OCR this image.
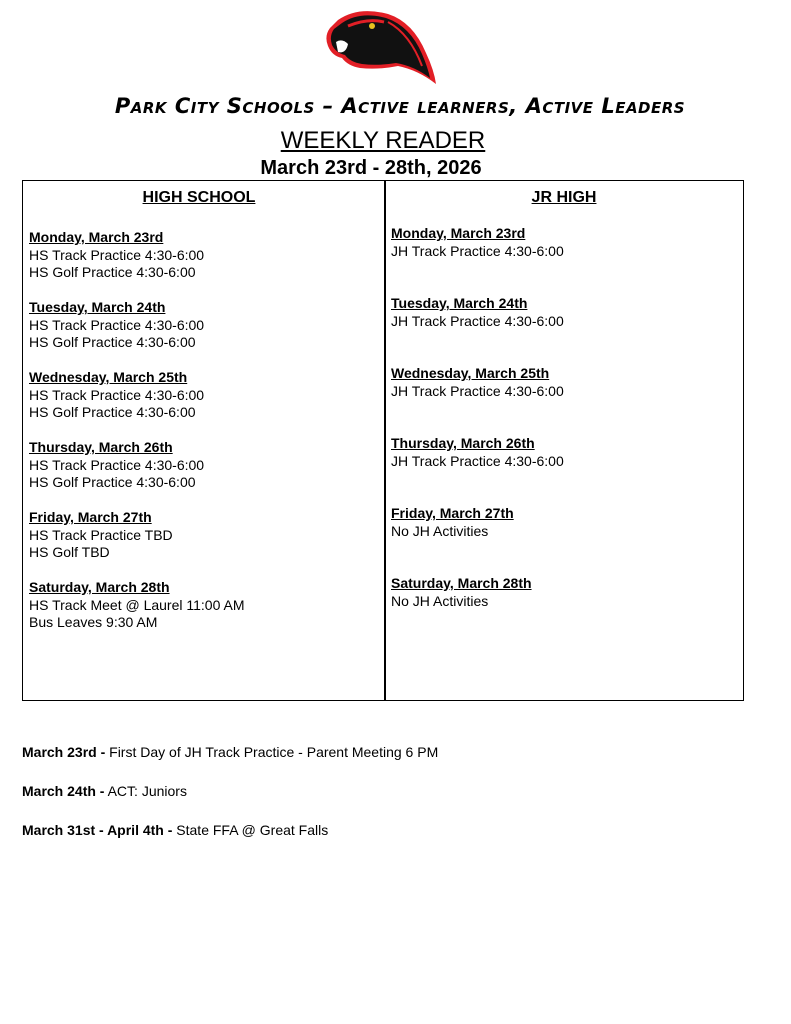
Park City Schools – Active learners, Active Leaders
WEEKLY READER
March 23rd - 28th, 2026
HIGH SCHOOL	JR HIGH
Monday, March 23rd
HS Track Practice 4:30-6:00
HS Golf Practice 4:30-6:00
Tuesday, March 24th
HS Track Practice 4:30-6:00
HS Golf Practice 4:30-6:00
Wednesday, March 25th
HS Track Practice 4:30-6:00
HS Golf Practice 4:30-6:00
Thursday, March 26th
HS Track Practice 4:30-6:00
HS Golf Practice 4:30-6:00
Friday, March 27th
HS Track Practice TBD
HS Golf TBD
Saturday, March 28th
HS Track Meet @ Laurel 11:00 AM
Bus Leaves 9:30 AM
Monday, March 23rd
JH Track Practice 4:30-6:00
Tuesday, March 24th
JH Track Practice 4:30-6:00
Wednesday, March 25th
JH Track Practice 4:30-6:00
Thursday, March 26th
JH Track Practice 4:30-6:00
Friday, March 27th
No JH Activities
Saturday, March 28th
No JH Activities
March 23rd - First Day of JH Track Practice - Parent Meeting 6 PM
March 24th - ACT: Juniors
March 31st - April 4th - State FFA @ Great Falls
